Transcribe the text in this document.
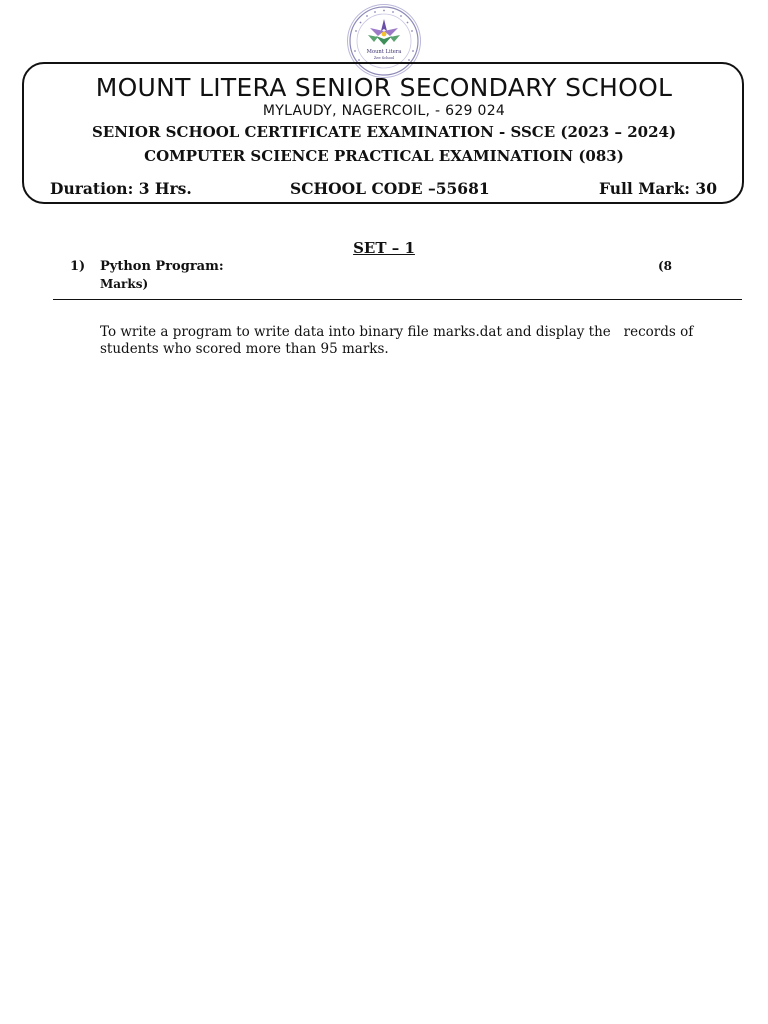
Mount Litera
Zee School
MOUNT LITERA SENIOR SECONDARY SCHOOL
MYLAUDY, NAGERCOIL, - 629 024
SENIOR SCHOOL CERTIFICATE EXAMINATION - SSCE (2023 – 2024)
COMPUTER SCIENCE PRACTICAL EXAMINATIOIN (083)
Duration: 3 Hrs.	SCHOOL CODE –55681	Full Mark: 30
SET – 1
1) Python Program:	(8
Marks)
To write a program to write data into binary file marks.dat and display the   records of students who scored more than 95 marks.
